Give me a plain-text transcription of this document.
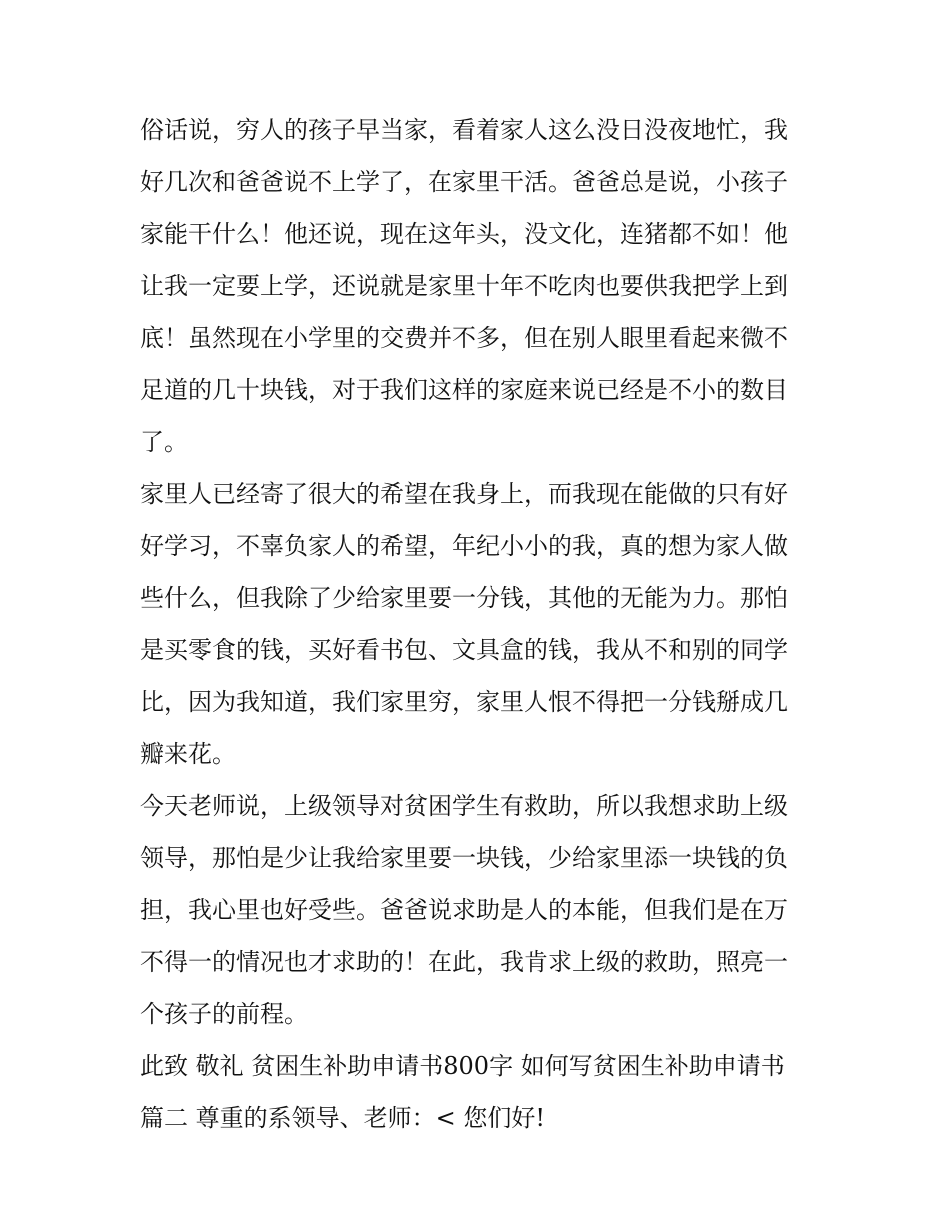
俗话说，穷人的孩子早当家，看着家人这么没日没夜地忙，我
好几次和爸爸说不上学了，在家里干活。爸爸总是说，小孩子
家能干什么！他还说，现在这年头，没文化，连猪都不如！他
让我一定要上学，还说就是家里十年不吃肉也要供我把学上到
底！虽然现在小学里的交费并不多，但在别人眼里看起来微不
足道的几十块钱，对于我们这样的家庭来说已经是不小的数目
了。
家里人已经寄了很大的希望在我身上，而我现在能做的只有好
好学习，不辜负家人的希望，年纪小小的我，真的想为家人做
些什么，但我除了少给家里要一分钱，其他的无能为力。那怕
是买零食的钱，买好看书包、文具盒的钱，我从不和别的同学
比，因为我知道，我们家里穷，家里人恨不得把一分钱掰成几
瓣来花。
今天老师说，上级领导对贫困学生有救助，所以我想求助上级
领导，那怕是少让我给家里要一块钱，少给家里添一块钱的负
担，我心里也好受些。爸爸说求助是人的本能，但我们是在万
不得一的情况也才求助的！在此，我肯求上级的救助，照亮一
个孩子的前程。
此致 敬礼 贫困生补助申请书800字 如何写贫困生补助申请书
篇二 尊重的系领导、老师：< 您们好!
